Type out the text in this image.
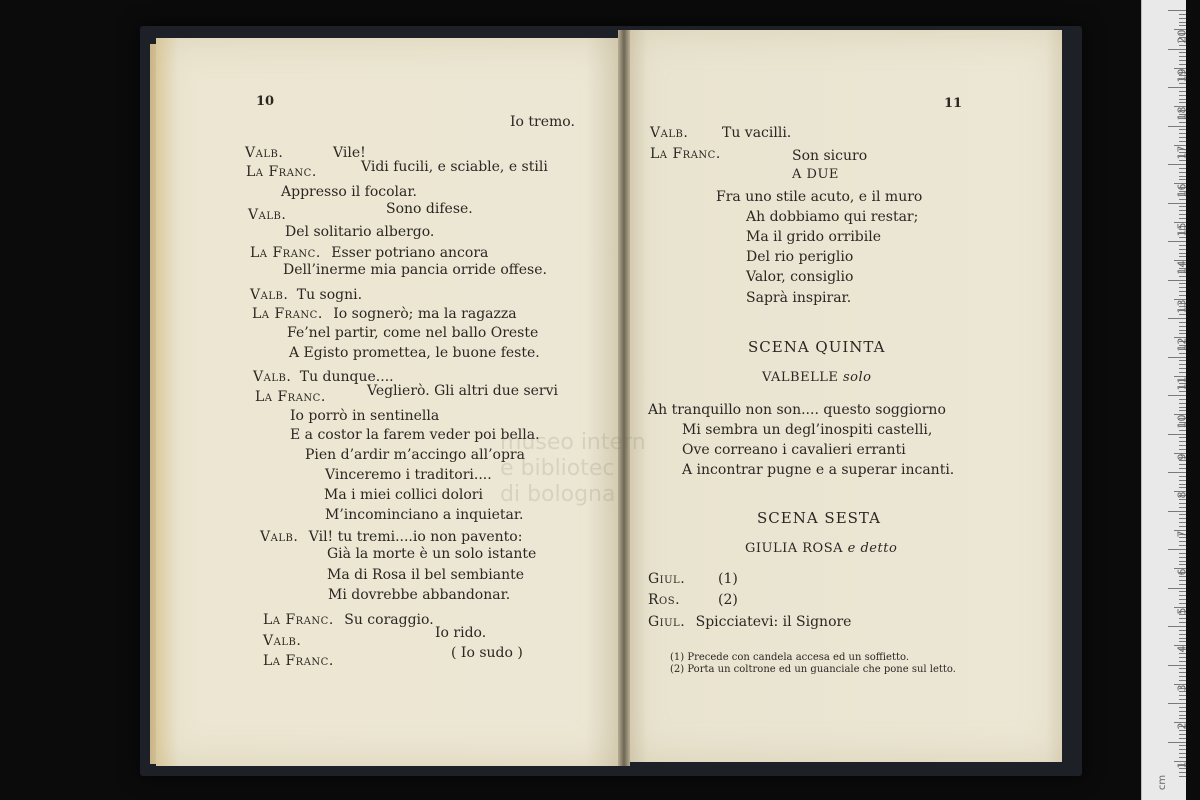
10	11
Io tremo.
Valb.	Vile!
La Franc.	Vidi fucili, e sciable, e stili
Appresso il focolar.
Valb.	Sono difese.
Del solitario albergo.
La Franc. Esser potriano ancora
Dell’inerme mia pancia orride offese.
Valb. Tu sogni.
La Franc. Io sognerò; ma la ragazza
Fe’nel partir, come nel ballo Oreste
A Egisto promettea, le buone feste.
Valb. Tu dunque....
La Franc.	Veglierò. Gli altri due servi
Io porrò in sentinella
E a costor la farem veder poi bella.
Pien d’ardir m’accingo all’opra
Vinceremo i traditori....
Ma i miei collici dolori
M’incominciano a inquietar.
Valb. Vil! tu tremi....io non pavento:
Già la morte è un solo istante
Ma di Rosa il bel sembiante
Mi dovrebbe abbandonar.
La Franc. Su coraggio.
Valb.	Io rido.
La Franc.	( Io sudo )
Valb. Tu vacilli.
La Franc.	Son sicuro
A DUE
Fra uno stile acuto, e il muro
Ah dobbiamo qui restar;
Ma il grido orribile
Del rio periglio
Valor, consiglio
Saprà inspirar.
SCENA QUINTA
VALBELLE solo
Ah tranquillo non son.... questo soggiorno
Mi sembra un degl’inospiti castelli,
Ove correano i cavalieri erranti
A incontrar pugne e a superar incanti.
SCENA SESTA
GIULIA ROSA e detto
Giul. (1)
Ros.	(2)
Giul. Spicciatevi: il Signore
(1) Precede con candela accesa ed un soffietto.
(2) Porta un coltrone ed un guanciale che pone sul letto.
museo intern
e bibliotec
di bologna
cm
20
19
18
17
16
15
14
13
12
11
10
9
8
7
6
5
4
3
2
1
